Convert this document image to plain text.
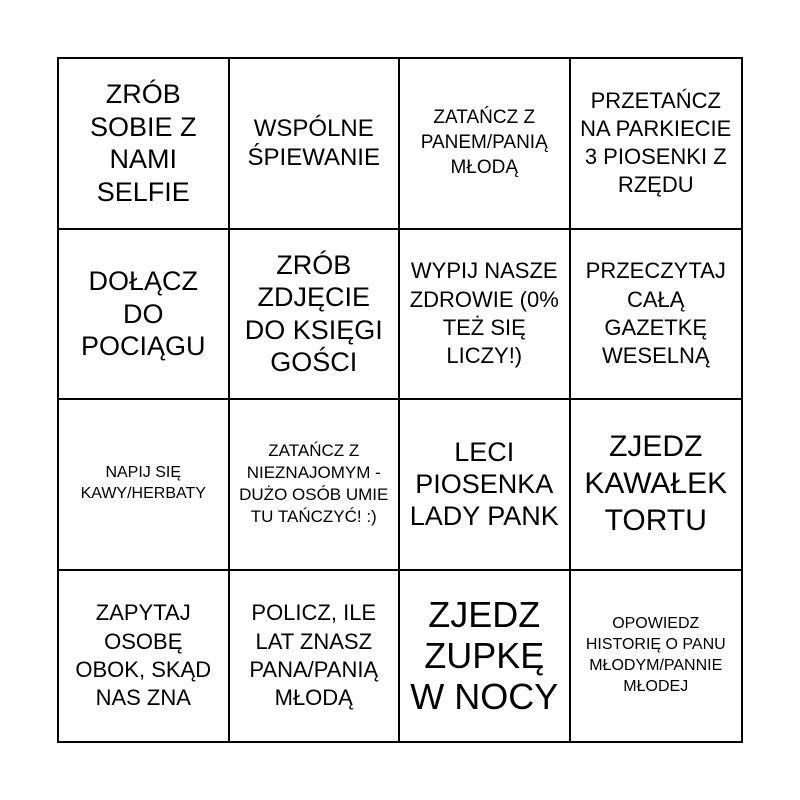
ZRÓB SOBIE Z NAMI SELFIE
WSPÓLNE ŚPIEWANIE
ZATAŃCZ Z PANEM/PANIĄ MŁODĄ
PRZETAŃCZ NA PARKIECIE 3 PIOSENKI Z RZĘDU
DOŁĄCZ DO POCIĄGU
ZRÓB ZDJĘCIE DO KSIĘGI GOŚCI
WYPIJ NASZE ZDROWIE (0% TEŻ SIĘ LICZY!)
PRZECZYTAJ CAŁĄ GAZETKĘ WESELNĄ
NAPIJ SIĘ KAWY/HERBATY
ZATAŃCZ Z NIEZNAJOMYM - DUŻO OSÓB UMIE TU TAŃCZYĆ! :)
LECI PIOSENKA LADY PANK
ZJEDZ KAWAŁEK TORTU
ZAPYTAJ OSOBĘ OBOK, SKĄD NAS ZNA
POLICZ, ILE LAT ZNASZ PANA/PANIĄ MŁODĄ
ZJEDZ ZUPKĘ W NOCY
OPOWIEDZ HISTORIĘ O PANU MŁODYM/PANNIE MŁODEJ
